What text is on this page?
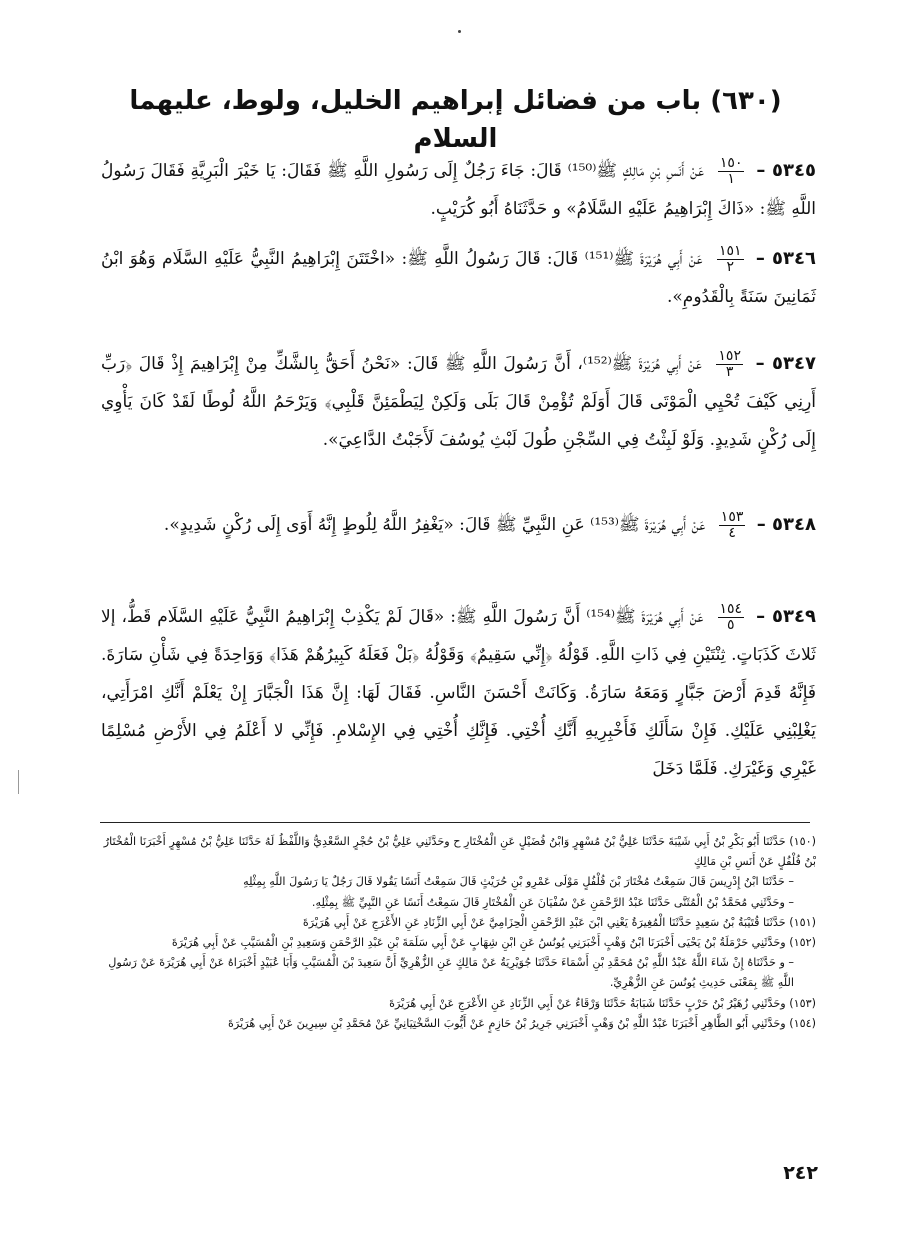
(٦٣٠) باب من فضائل إبراهيم الخليل، ولوط، عليهما السلام
٥٣٤٥ –
$\frac{١٥٠}{١}$
عَنْ أَنَسِ بْنِ مَالِكٍ ﷺ⁽¹⁵⁰⁾ قَالَ: جَاءَ رَجُلٌ إِلَى رَسُولِ اللَّهِ ﷺ فَقَالَ: يَا خَيْرَ الْبَرِيَّةِ فَقَالَ رَسُولُ اللَّهِ ﷺ: «ذَاكَ إِبْرَاهِيمُ عَلَيْهِ السَّلَامُ» و حَدَّثَنَاهُ أَبُو كُرَيْبٍ.
٥٣٤٦ –
$\frac{١٥١}{٢}$
عَنْ أَبِي هُرَيْرَةَ ﷺ⁽¹⁵¹⁾ قَالَ: قَالَ رَسُولُ اللَّهِ ﷺ: «اخْتَتَنَ إِبْرَاهِيمُ النَّبِيُّ عَلَيْهِ السَّلَام وَهُوَ ابْنُ ثَمَانِينَ سَنَةً بِالْقَدُومِ».
٥٣٤٧ –
$\frac{١٥٢}{٣}$
عَنْ أَبِي هُرَيْرَةَ ﷺ⁽¹⁵²⁾، أَنَّ رَسُولَ اللَّهِ ﷺ قَالَ: «نَحْنُ أَحَقُّ بِالشَّكِّ مِنْ إِبْرَاهِيمَ إِذْ قَالَ ﴿رَبِّ أَرِنِي كَيْفَ تُحْيِي الْمَوْتَى قَالَ أَوَلَمْ تُؤْمِنْ قَالَ بَلَى وَلَكِنْ لِيَطْمَئِنَّ قَلْبِي﴾ وَيَرْحَمُ اللَّهُ لُوطًا لَقَدْ كَانَ يَأْوِي إِلَى رُكْنٍ شَدِيدٍ. وَلَوْ لَبِثْتُ فِي السِّجْنِ طُولَ لَبْثِ يُوسُفَ لَأَجَبْتُ الدَّاعِيَ».
٥٣٤٨ –
$\frac{١٥٣}{٤}$
عَنْ أَبِي هُرَيْرَةَ ﷺ⁽¹⁵³⁾ عَنِ النَّبِيِّ ﷺ قَالَ: «يَغْفِرُ اللَّهُ لِلُوطٍ إِنَّهُ أَوَى إِلَى رُكْنٍ شَدِيدٍ».
٥٣٤٩ –
$\frac{١٥٤}{٥}$
عَنْ أَبِي هُرَيْرَةَ ﷺ⁽¹⁵⁴⁾ أَنَّ رَسُولَ اللَّهِ ﷺ: «قَالَ لَمْ يَكْذِبْ إِبْرَاهِيمُ النَّبِيُّ عَلَيْهِ السَّلَام قَطُّ، إلا ثَلاثَ كَذَبَاتٍ. ثِنْتَيْنِ فِي ذَاتِ اللَّهِ. قَوْلُهُ ﴿إِنِّي سَقِيمٌ﴾ وَقَوْلُهُ ﴿بَلْ فَعَلَهُ كَبِيرُهُمْ هَذَا﴾ وَوَاحِدَةً فِي شَأْنِ سَارَةَ. فَإِنَّهُ قَدِمَ أَرْضَ جَبَّارٍ وَمَعَهُ سَارَةُ. وَكَانَتْ أَحْسَنَ النَّاسِ. فَقَالَ لَهَا: إِنَّ هَذَا الْجَبَّارَ إِنْ يَعْلَمْ أَنَّكِ امْرَأَتِي، يَغْلِبْنِي عَلَيْكِ. فَإِنْ سَأَلَكِ فَأَخْبِرِيهِ أَنَّكِ أُخْتِي. فَإِنَّكِ أُخْتِي فِي الإِسْلامِ. فَإِنِّي لا أَعْلَمُ فِي الأَرْضِ مُسْلِمًا غَيْرِي وَغَيْرَكِ. فَلَمَّا دَخَلَ

(١٥٠) حَدَّثَنَا أَبُو بَكْرِ بْنُ أَبِي شَيْبَةَ حَدَّثَنَا عَلِيُّ بْنُ مُسْهِرٍ وَابْنُ فُضَيْلٍ عَنِ الْمُخْتَارِ ح وحَدَّثَنِي عَلِيُّ بْنُ حُجْرٍ السَّعْدِيُّ وَاللَّفْظُ لَهُ حَدَّثَنَا عَلِيُّ بْنُ مُسْهِرٍ أَخْبَرَنَا الْمُخْتَارُ بْنُ فُلْفُلٍ عَنْ أَنَسِ بْنِ مَالِكٍ

– حَدَّثَنَا ابْنُ إِدْرِيسَ قَالَ سَمِعْتُ مُخْتَارَ بْنَ فُلْفُلٍ مَوْلَى عَمْرِو بْنِ حُرَيْثٍ قَالَ سَمِعْتُ أَنَسًا يَقُولا قَالَ رَجُلٌ يَا رَسُولَ اللَّهِ بِمِثْلِهِ

– وحَدَّثَنِي مُحَمَّدُ بْنُ الْمُثَنَّى حَدَّثَنَا عَبْدُ الرَّحْمَنِ عَنْ سُفْيَانَ عَنِ الْمُخْتَارِ قَالَ سَمِعْتُ أَنَسًا عَنِ النَّبِيِّ ﷺ بِمِثْلِهِ.

(١٥١) حَدَّثَنَا قُتَيْبَةُ بْنُ سَعِيدٍ حَدَّثَنَا الْمُغِيرَةُ يَعْنِي ابْنَ عَبْدِ الرَّحْمَنِ الْحِزَامِيَّ عَنْ أَبِي الزِّنَادِ عَنِ الأَعْرَجِ عَنْ أَبِي هُرَيْرَةَ

(١٥٢) وحَدَّثَنِي حَرْمَلَةُ بْنُ يَحْيَى أَخْبَرَنَا ابْنُ وَهْبٍ أَخْبَرَنِي يُونُسُ عَنِ ابْنِ شِهَابٍ عَنْ أَبِي سَلَمَةَ بْنِ عَبْدِ الرَّحْمَنِ وَسَعِيدِ بْنِ الْمُسَيَّبِ عَنْ أَبِي هُرَيْرَةَ

– و حَدَّثَنَاهُ إِنْ شَاءَ اللَّهُ عَبْدُ اللَّهِ بْنُ مُحَمَّدِ بْنِ أَسْمَاءَ حَدَّثَنَا جُوَيْرِيَةُ عَنْ مَالِكٍ عَنِ الزُّهْرِيِّ أَنَّ سَعِيدَ بْنَ الْمُسَيَّبِ وَأَبَا عُبَيْدٍ أَخْبَرَاهُ عَنْ أَبِي هُرَيْرَةَ عَنْ رَسُولِ اللَّهِ ﷺ بِمَعْنَى حَدِيثِ يُونُسَ عَنِ الزُّهْرِيِّ.

(١٥٣) وحَدَّثَنِي زُهَيْرُ بْنُ حَرْبٍ حَدَّثَنَا شَبَابَةُ حَدَّثَنَا وَرْقَاءُ عَنْ أَبِي الزِّنَادِ عَنِ الأَعْرَجِ عَنْ أَبِي هُرَيْرَةَ

(١٥٤) وحَدَّثَنِي أَبُو الطَّاهِرِ أَخْبَرَنَا عَبْدُ اللَّهِ بْنُ وَهْبٍ أَخْبَرَنِي جَرِيرُ بْنُ حَازِمٍ عَنْ أَيُّوبَ السَّخْتِيَانِيِّ عَنْ مُحَمَّدِ بْنِ سِيرِينَ عَنْ أَبِي هُرَيْرَةَ

٢٤٢
